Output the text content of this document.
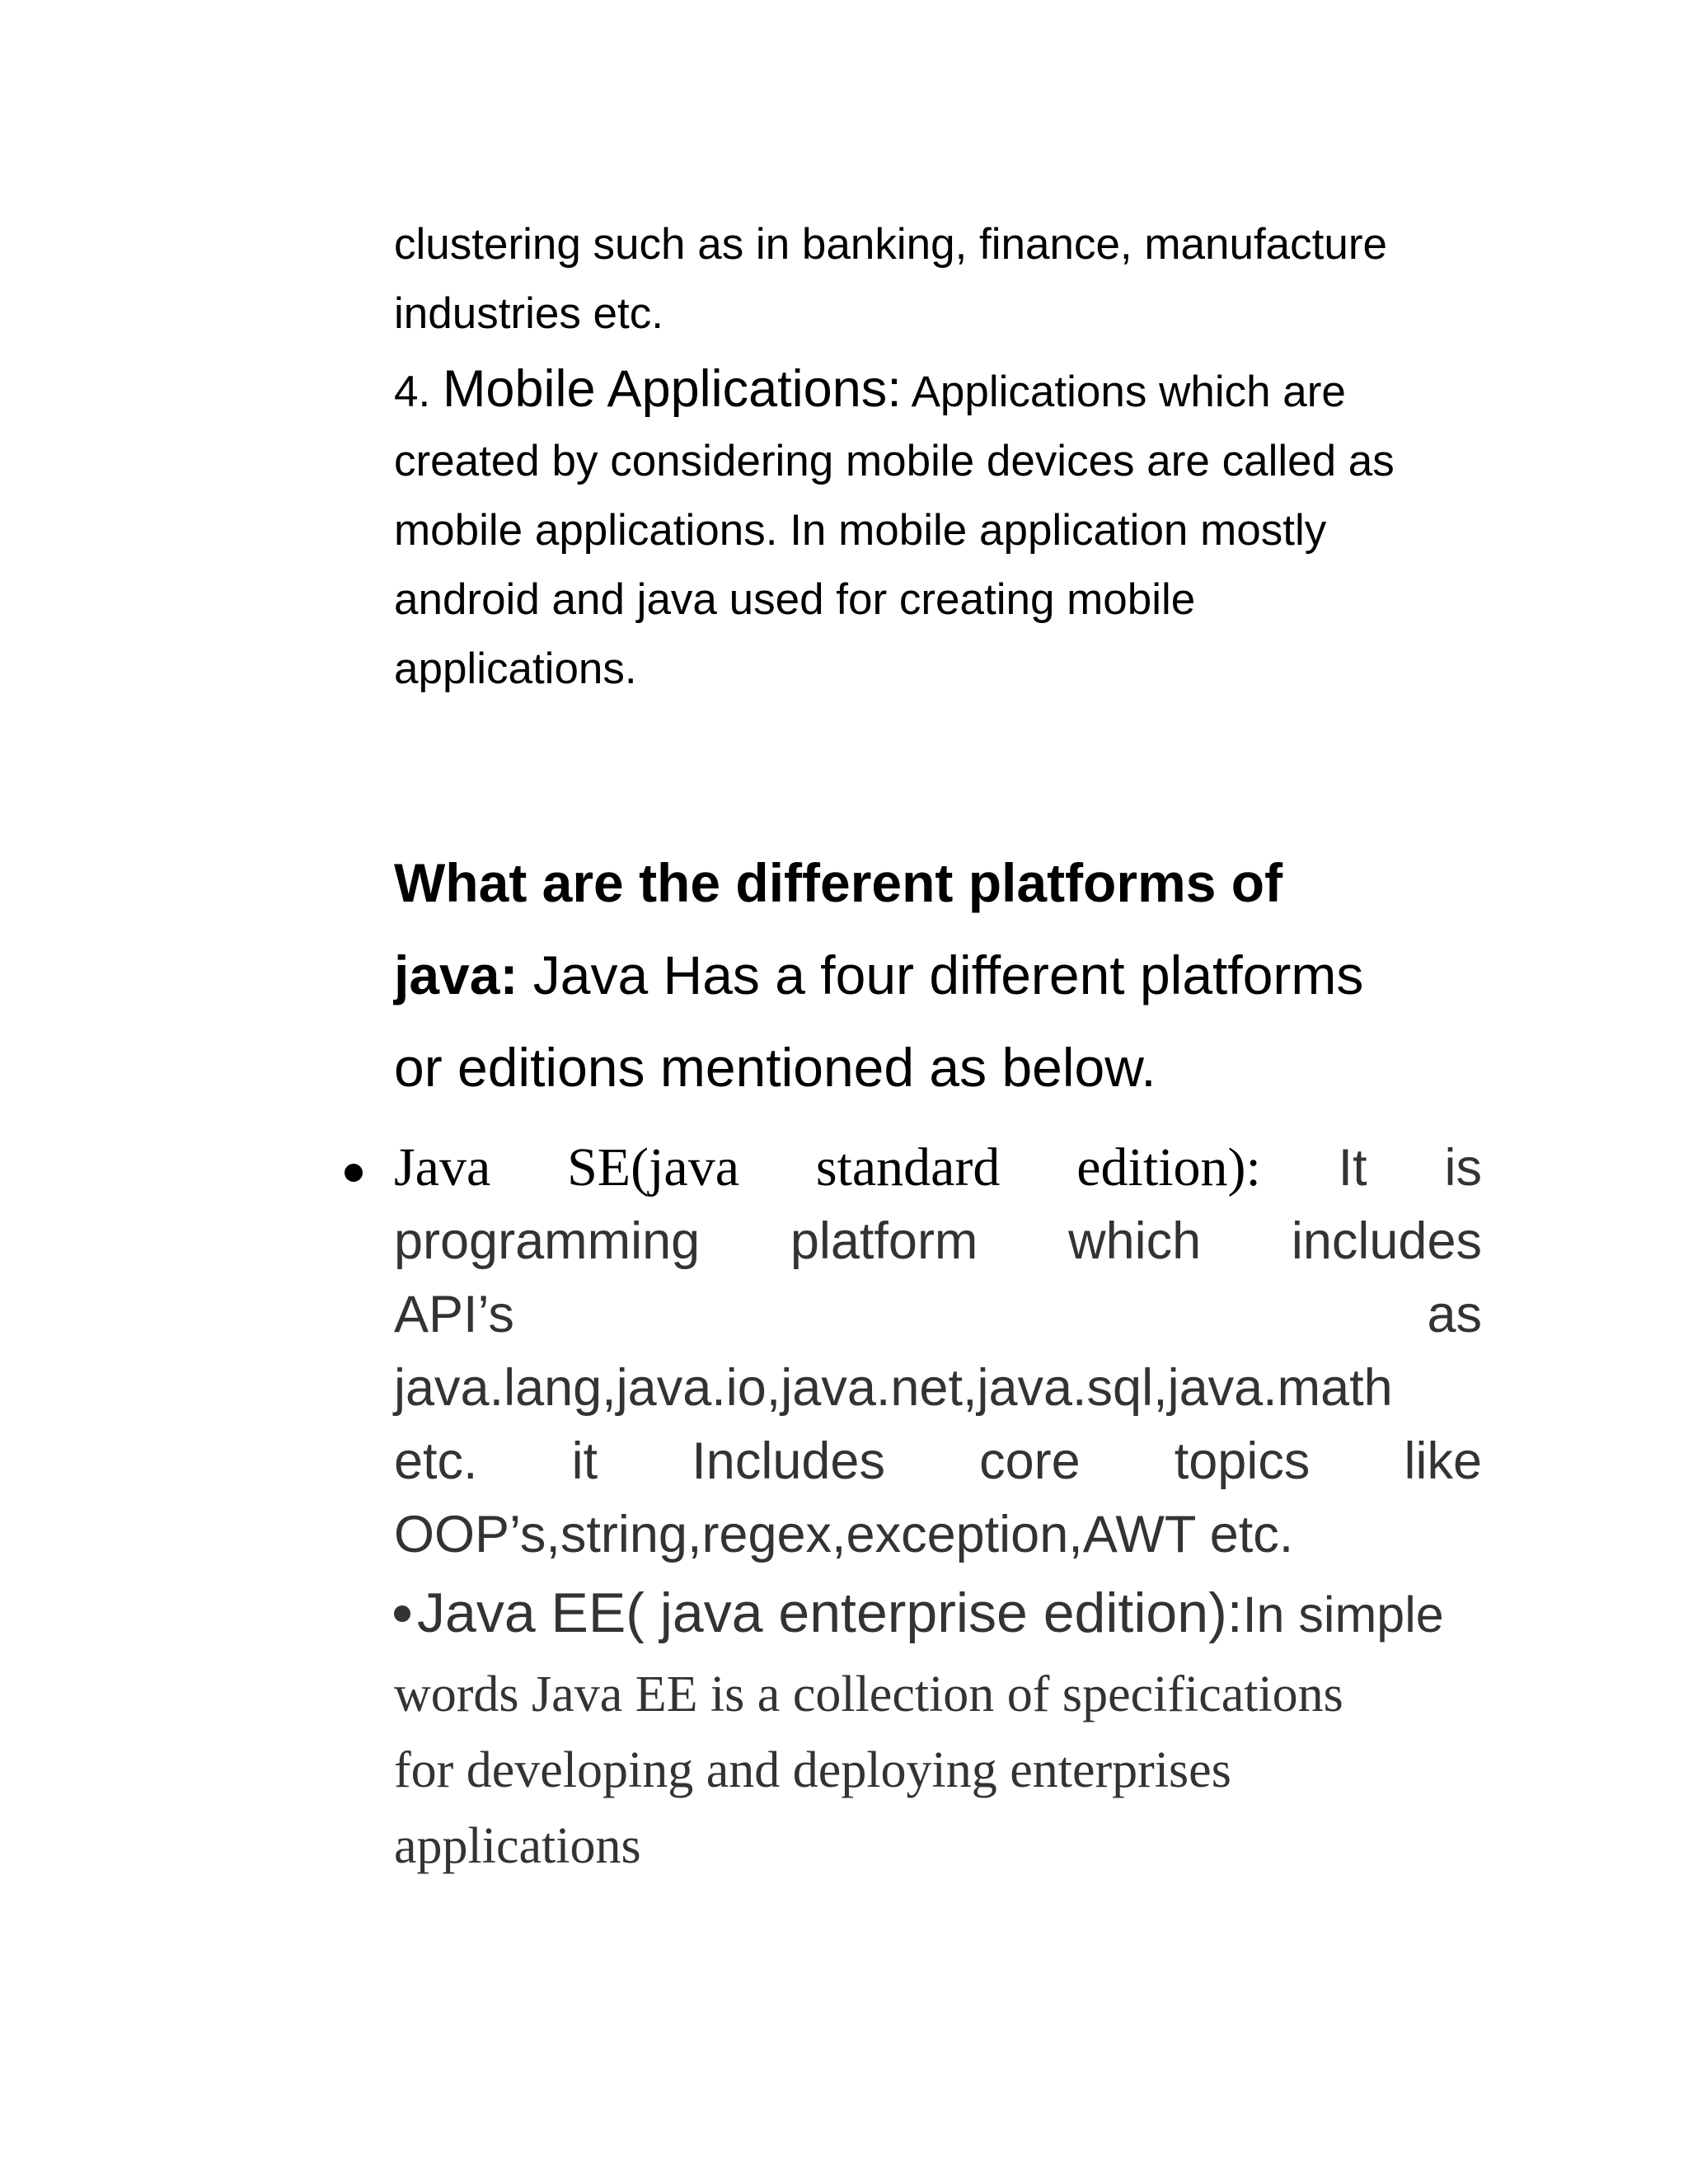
clustering such as in banking, finance, manufacture
industries etc.
4. Mobile Applications: Applications which are
created by considering mobile devices are called as
mobile applications. In mobile application mostly
android and java used for creating mobile
applications.
What are the different platforms of
java: Java Has a four different platforms
or editions mentioned as below.
Java SE(java standard edition): It is
programming platform which includes
API’s as
java.lang,java.io,java.net,java.sql,java.math
etc. it Includes core topics like
OOP’s,string,regex,exception,AWT etc.
Java EE( java enterprise edition):In simple
words Java EE is a collection of specifications
for developing and deploying enterprises
applications
